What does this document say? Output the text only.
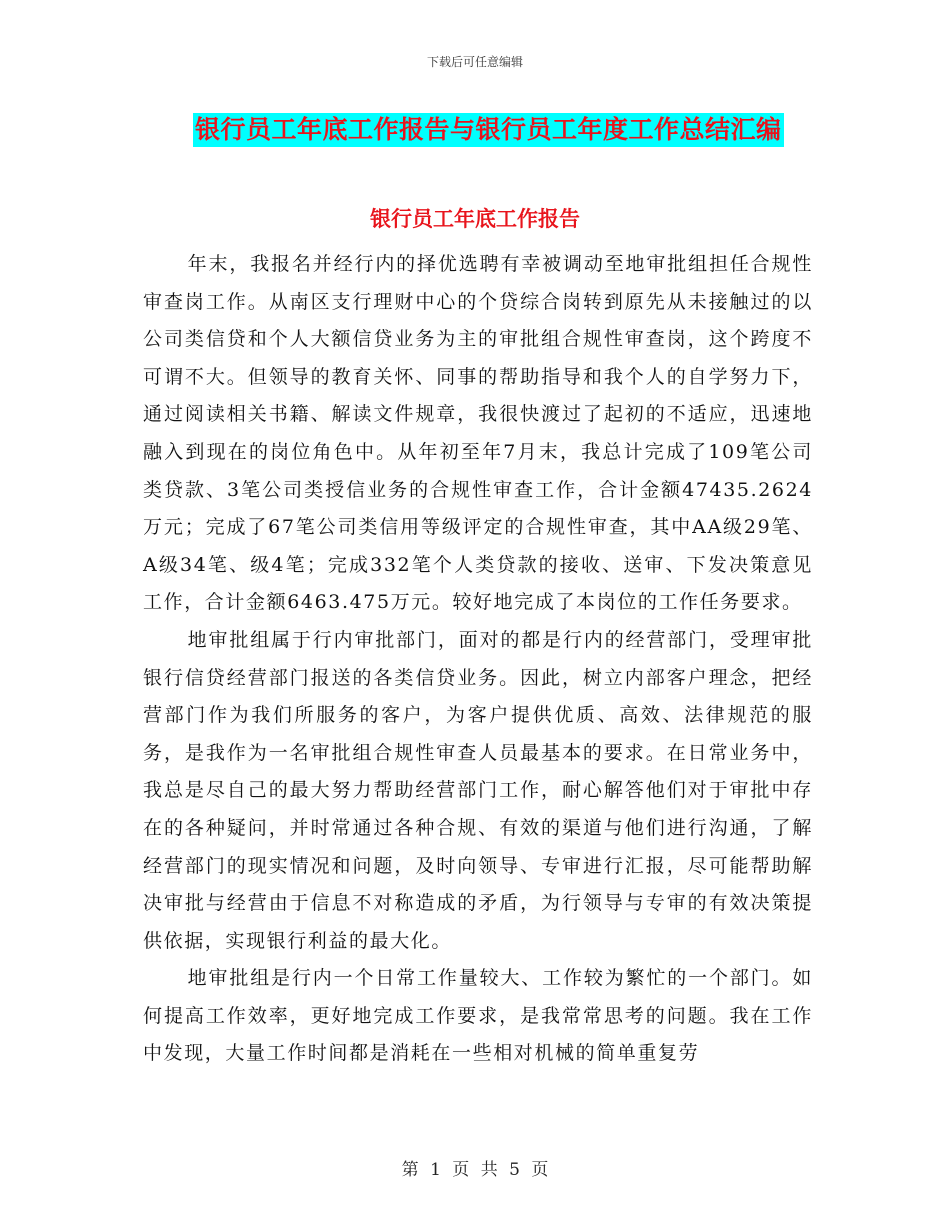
下载后可任意编辑
银行员工年底工作报告与银行员工年度工作总结汇编
银行员工年底工作报告

年末，我报名并经行内的择优选聘有幸被调动至地审批组担任合规性审查岗工作。从南区支行理财中心的个贷综合岗转到原先从未接触过的以公司类信贷和个人大额信贷业务为主的审批组合规性审查岗，这个跨度不可谓不大。但领导的教育关怀、同事的帮助指导和我个人的自学努力下，通过阅读相关书籍、解读文件规章，我很快渡过了起初的不适应，迅速地融入到现在的岗位角色中。从年初至年7月末，我总计完成了109笔公司类贷款、3笔公司类授信业务的合规性审查工作，合计金额47435.2624万元；完成了67笔公司类信用等级评定的合规性审查，其中AA级29笔、A级34笔、级4笔；完成332笔个人类贷款的接收、送审、下发决策意见工作，合计金额6463.475万元。较好地完成了本岗位的工作任务要求。

地审批组属于行内审批部门，面对的都是行内的经营部门，受理审批银行信贷经营部门报送的各类信贷业务。因此，树立内部客户理念，把经营部门作为我们所服务的客户，为客户提供优质、高效、法律规范的服务，是我作为一名审批组合规性审查人员最基本的要求。在日常业务中，我总是尽自己的最大努力帮助经营部门工作，耐心解答他们对于审批中存在的各种疑问，并时常通过各种合规、有效的渠道与他们进行沟通，了解经营部门的现实情况和问题，及时向领导、专审进行汇报，尽可能帮助解决审批与经营由于信息不对称造成的矛盾，为行领导与专审的有效决策提供依据，实现银行利益的最大化。

地审批组是行内一个日常工作量较大、工作较为繁忙的一个部门。如何提高工作效率，更好地完成工作要求，是我常常思考的问题。我在工作中发现，大量工作时间都是消耗在一些相对机械的简单重复劳

第 1 页 共 5 页
